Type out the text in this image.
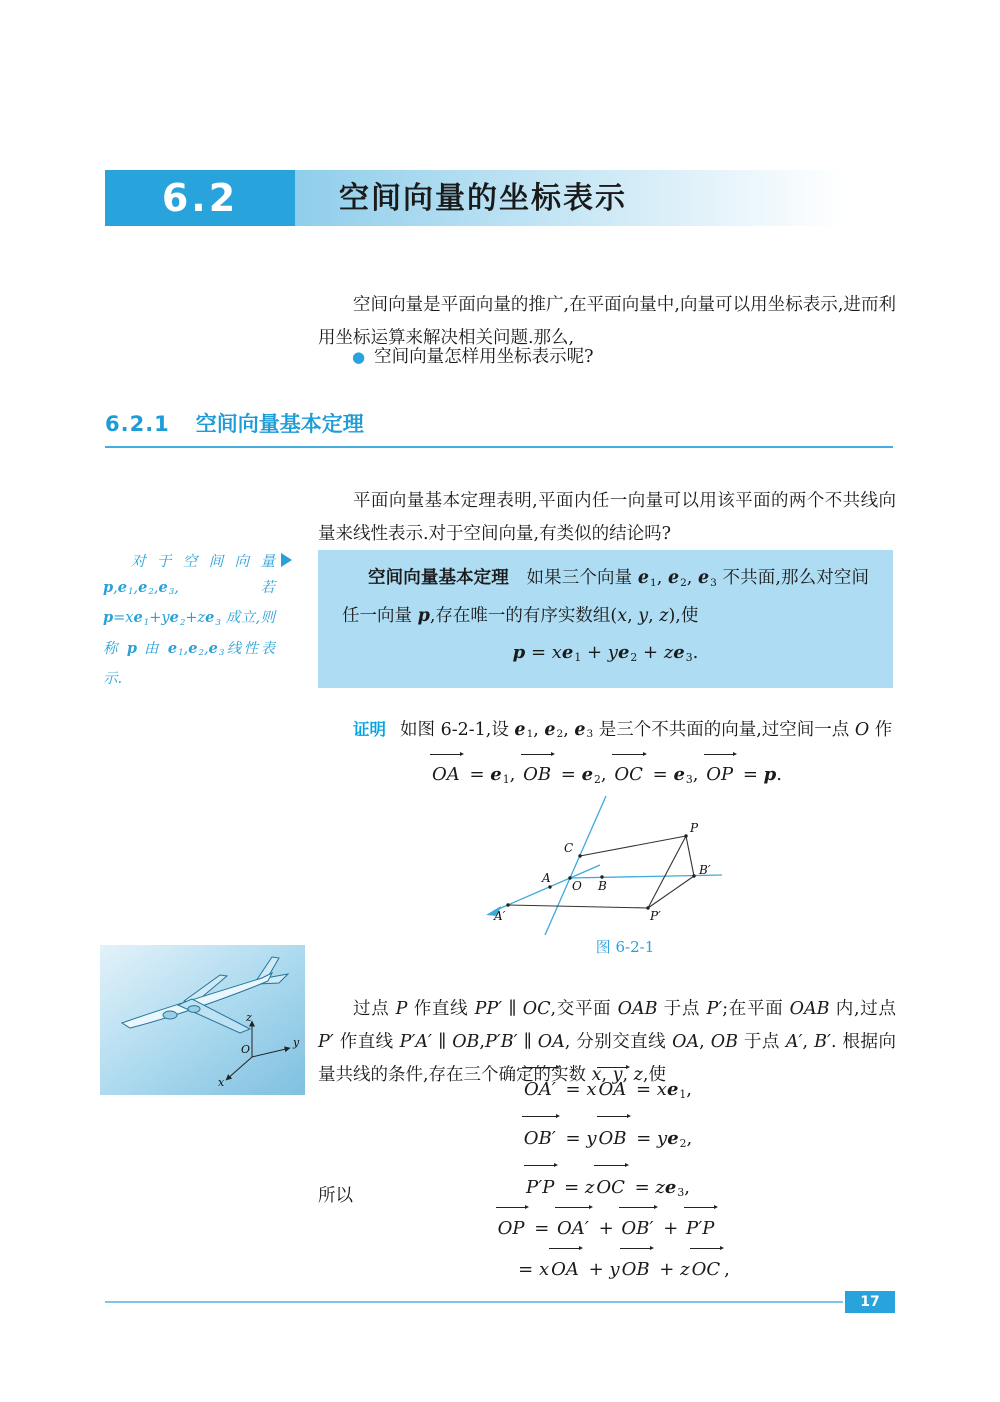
6.2	空间向量的坐标表示

空间向量是平面向量的推广,在平面向量中,向量可以用坐标表示,进而利用坐标运算来解决相关问题.那么,

● 空间向量怎样用坐标表示呢?
6.2.1 空间向量基本定理

平面向量基本定理表明,平面内任一向量可以用该平面的两个不共线向量来线性表示.对于空间向量,有类似的结论吗?

对于空间向量 p,e1,e2,e3,若 p=xe1+ye2+ze3 成立,则称 p 由 e1,e2,e3线性表示.
空间向量基本定理　如果三个向量 e1, e2, e3 不共面,那么对空间任一向量 p,存在唯一的有序实数组(x, y, z),使
p = xe1 + ye2 + ze3.

证明 如图 6-2-1,设 e1, e2, e3 是三个不共面的向量,过空间一点 O 作

OA = e1, OB = e2, OC = e3, OP = p.
A′
A
O B
C
P
B′
P′
图 6-2-1
z
y
x
O

过点 P 作直线 PP′ ∥ OC,交平面 OAB 于点 P′;在平面 OAB 内,过点 P′ 作直线 P′A′ ∥ OB,P′B′ ∥ OA, 分别交直线 OA, OB 于点 A′, B′. 根据向量共线的条件,存在三个确定的实数 x, y, z,使

OA′ = x OA = xe1,
OB′ = y OB = ye2,
P′P = z OC = ze3,
所以
OP = OA′ + OB′ + P′P
= x OA + y OB + z OC ,
17
